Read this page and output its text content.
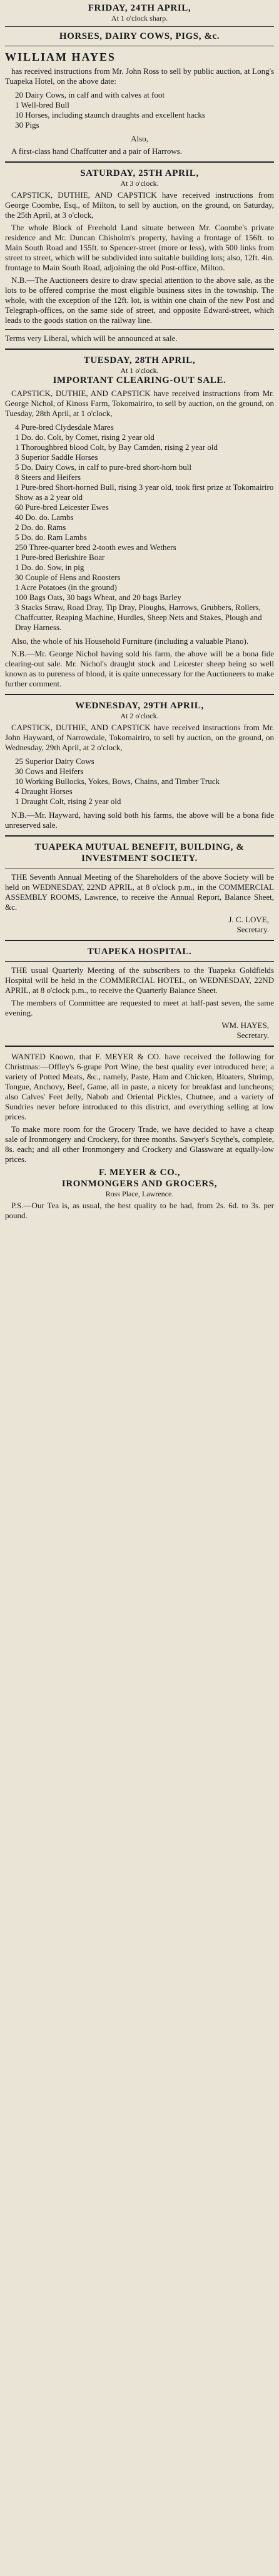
FRIDAY, 24TH APRIL,
At 1 o'clock sharp.
HORSES, DAIRY COWS, PIGS, &c.
WILLIAM HAYES

has received instructions from Mr. John Ross to sell by public auction, at Long's Tuapeka Hotel, on the above date:

20 Dairy Cows, in calf and with calves at foot
1 Well-bred Bull
10 Horses, including staunch draughts and excellent hacks
30 Pigs
Also,

A first-class hand Chaffcutter and a pair of Harrows.

SATURDAY, 25TH APRIL,
At 3 o'clock.

CAPSTICK, DUTHIE, AND CAPSTICK have received instructions from George Coombe, Esq., of Milton, to sell by auction, on the ground, on Saturday, the 25th April, at 3 o'clock,

The whole Block of Freehold Land situate between Mr. Coombe's private residence and Mr. Duncan Chisholm's property, having a frontage of 156ft. to Main South Road and 155ft. to Spencer-street (more or less), with 500 links from street to street, which will be subdivided into suitable building lots; also, 12ft. 4in. frontage to Main South Road, adjoining the old Post-office, Milton.

N.B.—The Auctioneers desire to draw special attention to the above sale, as the lots to be offered comprise the most eligible business sites in the township. The whole, with the exception of the 12ft. lot, is within one chain of the new Post and Telegraph-offices, on the same side of street, and opposite Edward-street, which leads to the goods station on the railway line.

Terms very Liberal, which will be announced at sale.
TUESDAY, 28TH APRIL,
At 1 o'clock.
IMPORTANT CLEARING-OUT SALE.

CAPSTICK, DUTHIE, AND CAPSTICK have received instructions from Mr. George Nichol, of Kinoss Farm, Tokomairiro, to sell by auction, on the ground, on Tuesday, 28th April, at 1 o'clock,

4 Pure-bred Clydesdale Mares
1 Do. do. Colt, by Comet, rising 2 year old
1 Thoroughbred blood Colt, by Bay Camden, rising 2 year old
3 Superior Saddle Horses
5 Do. Dairy Cows, in calf to pure-bred short-horn bull
8 Steers and Heifers
1 Pure-bred Short-horned Bull, rising 3 year old, took first prize at Tokomairiro Show as a 2 year old
60 Pure-bred Leicester Ewes
40 Do. do. Lambs
2 Do. do. Rams
5 Do. do. Ram Lambs
250 Three-quarter bred 2-tooth ewes and Wethers
1 Pure-bred Berkshire Boar
1 Do. do. Sow, in pig
30 Couple of Hens and Roosters
1 Acre Potatoes (in the ground)
100 Bags Oats, 30 bags Wheat, and 20 bags Barley
3 Stacks Straw, Road Dray, Tip Dray, Ploughs, Harrows, Grubbers, Rollers, Chaffcutter, Reaping Machine, Hurdles, Sheep Nets and Stakes, Plough and Dray Harness.

Also, the whole of his Household Furniture (including a valuable Piano).

N.B.—Mr. George Nichol having sold his farm, the above will be a bona fide clearing-out sale. Mr. Nichol's draught stock and Leicester sheep being so well known as to pureness of blood, it is quite unnecessary for the Auctioneers to make further comment.

WEDNESDAY, 29TH APRIL,
At 2 o'clock.

CAPSTICK, DUTHIE, AND CAPSTICK have received instructions from Mr. John Hayward, of Narrowdale, Tokomairiro, to sell by auction, on the ground, on Wednesday, 29th April, at 2 o'clock,

25 Superior Dairy Cows
30 Cows and Heifers
10 Working Bullocks, Yokes, Bows, Chains, and Timber Truck
4 Draught Horses
1 Draught Colt, rising 2 year old

N.B.—Mr. Hayward, having sold both his farms, the above will be a bona fide unreserved sale.

TUAPEKA MUTUAL BENEFIT, BUILDING, & INVESTMENT SOCIETY.

THE Seventh Annual Meeting of the Shareholders of the above Society will be held on WEDNESDAY, 22ND APRIL, at 8 o'clock p.m., in the COMMERCIAL ASSEMBLY ROOMS, Lawrence, to receive the Annual Report, Balance Sheet, &c.

J. C. LOVE,
Secretary.
TUAPEKA HOSPITAL.

THE usual Quarterly Meeting of the subscribers to the Tuapeka Goldfields Hospital will be held in the COMMERCIAL HOTEL, on WEDNESDAY, 22ND APRIL, at 8 o'clock p.m., to receive the Quarterly Balance Sheet.

The members of Committee are requested to meet at half-past seven, the same evening.

WM. HAYES,
Secretary.

WANTED Known, that F. MEYER & CO. have received the following for Christmas:—Offley's 6-grape Port Wine, the best quality ever introduced here; a variety of Potted Meats, &c., namely, Paste, Ham and Chicken, Bloaters, Shrimp, Tongue, Anchovy, Beef, Game, all in paste, a nicety for breakfast and luncheons; also Calves' Feet Jelly, Nabob and Oriental Pickles, Chutnee, and a variety of Sundries never before introduced to this district, and everything selling at low prices.

To make more room for the Grocery Trade, we have decided to have a cheap sale of Ironmongery and Crockery, for three months. Sawyer's Scythe's, complete, 8s. each; and all other Ironmongery and Crockery and Glassware at equally-low prices.

F. MEYER & CO.,
IRONMONGERS AND GROCERS,
Ross Place, Lawrence.

P.S.—Our Tea is, as usual, the best quality to be had, from 2s. 6d. to 3s. per pound.
